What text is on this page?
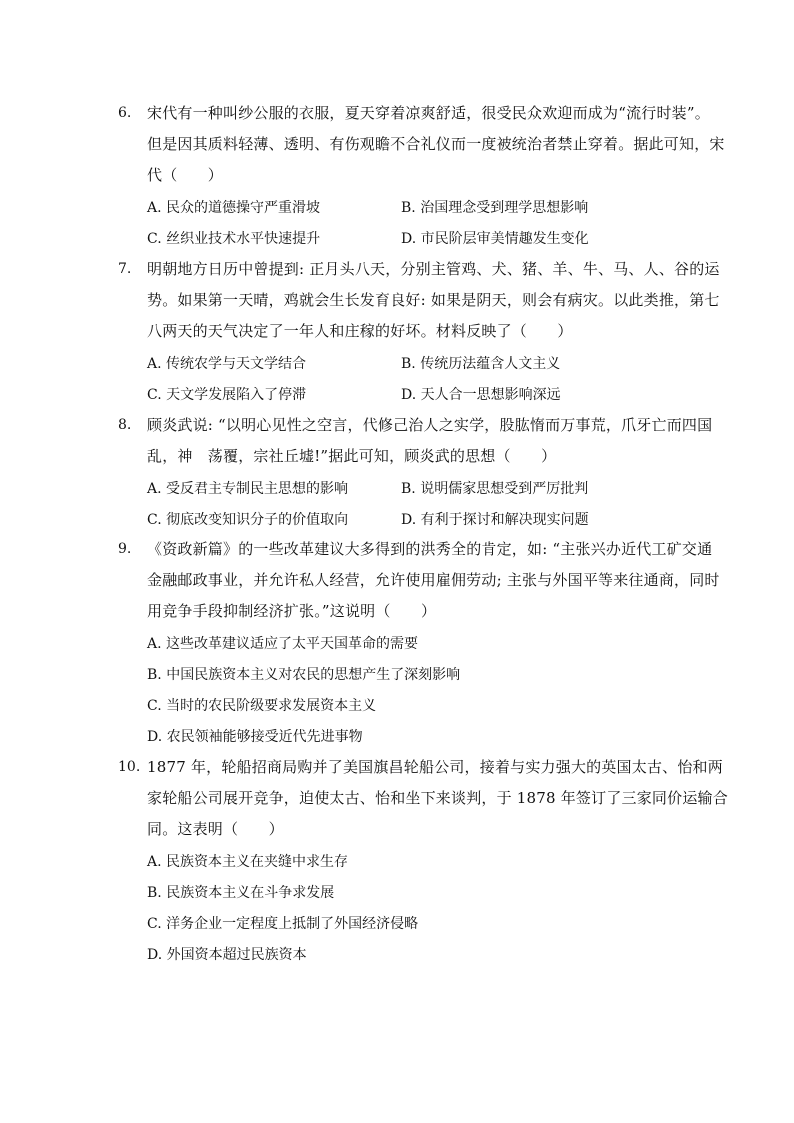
6. 宋代有一种叫纱公服的衣服，夏天穿着凉爽舒适，很受民众欢迎而成为“流行时装”。
但是因其质料轻薄、透明、有伤观瞻不合礼仪而一度被统治者禁止穿着。据此可知，宋
代（　　）
A. 民众的道德操守严重滑坡	B. 治国理念受到理学思想影响
C. 丝织业技术水平快速提升	D. 市民阶层审美情趣发生变化
7. 明朝地方日历中曾提到: 正月头八天，分别主管鸡、犬、猪、羊、牛、马、人、谷的运
势。如果第一天晴，鸡就会生长发育良好: 如果是阴天，则会有病灾。以此类推，第七
八两天的天气决定了一年人和庄稼的好坏。材料反映了（　　）
A. 传统农学与天文学结合	B. 传统历法蕴含人文主义
C. 天文学发展陷入了停滞	D. 天人合一思想影响深远
8. 顾炎武说: “以明心见性之空言，代修己治人之实学，股肱惰而万事荒，爪牙亡而四国
乱，神　荡覆，宗社丘墟!”据此可知，顾炎武的思想（　　）
A. 受反君主专制民主思想的影响	B. 说明儒家思想受到严厉批判
C. 彻底改变知识分子的价值取向	D. 有利于探讨和解决现实问题
9. 《资政新篇》的一些改革建议大多得到的洪秀全的肯定，如: “主张兴办近代工矿交通
金融邮政事业，并允许私人经营，允许使用雇佣劳动; 主张与外国平等来往通商，同时
用竞争手段抑制经济扩张。”这说明（　　）
A. 这些改革建议适应了太平天国革命的需要
B. 中国民族资本主义对农民的思想产生了深刻影响
C. 当时的农民阶级要求发展资本主义
D. 农民领袖能够接受近代先进事物
10. 1877 年，轮船招商局购并了美国旗昌轮船公司，接着与实力强大的英国太古、怡和两
家轮船公司展开竞争，迫使太古、怡和坐下来谈判，于 1878 年签订了三家同价运输合
同。这表明（　　）
A. 民族资本主义在夹缝中求生存
B. 民族资本主义在斗争求发展
C. 洋务企业一定程度上抵制了外国经济侵略
D. 外国资本超过民族资本
